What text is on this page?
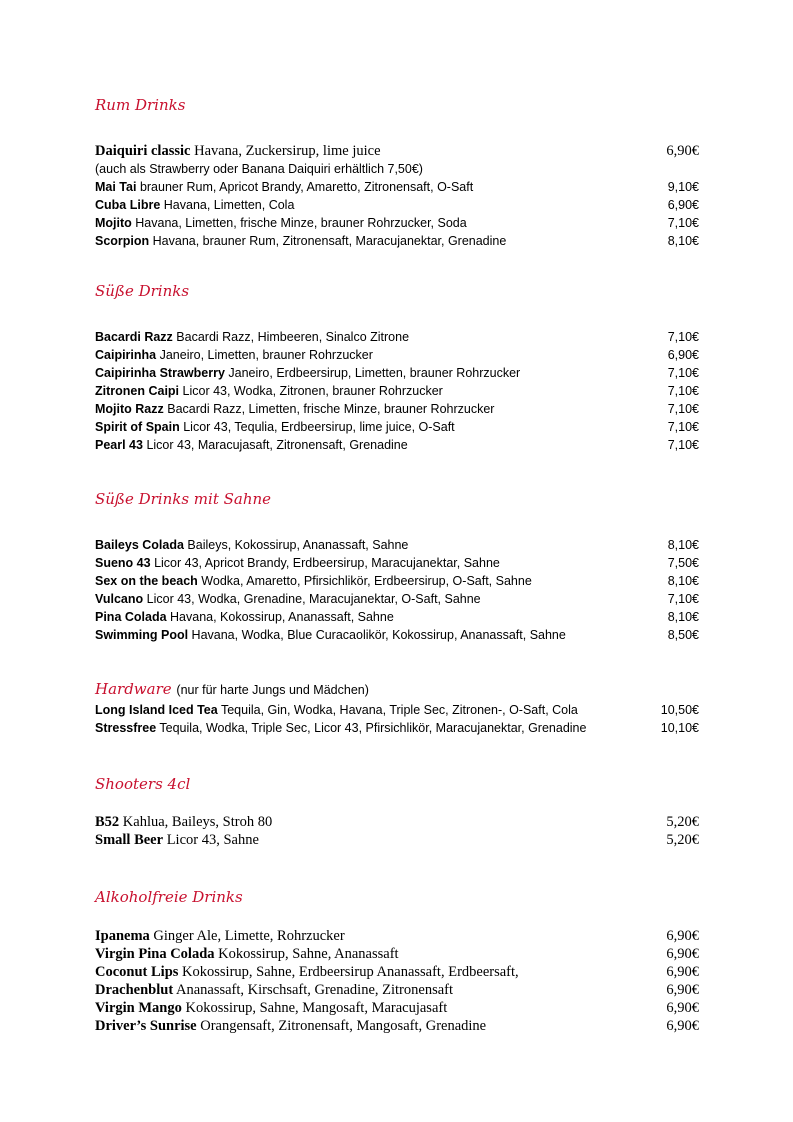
Rum Drinks
Daiquiri classic Havana, Zuckersirup, lime juice	6,90€
(auch als Strawberry oder Banana Daiquiri erhältlich 7,50€)
Mai Tai brauner Rum, Apricot Brandy, Amaretto, Zitronensaft, O-Saft	9,10€
Cuba Libre Havana, Limetten, Cola	6,90€
Mojito Havana, Limetten, frische Minze, brauner Rohrzucker, Soda	7,10€
Scorpion Havana, brauner Rum, Zitronensaft, Maracujanektar, Grenadine	8,10€
Süße Drinks
Bacardi Razz Bacardi Razz, Himbeeren, Sinalco Zitrone	7,10€
Caipirinha Janeiro, Limetten, brauner Rohrzucker	6,90€
Caipirinha Strawberry Janeiro, Erdbeersirup, Limetten, brauner Rohrzucker	7,10€
Zitronen Caipi Licor 43, Wodka, Zitronen, brauner Rohrzucker	7,10€
Mojito Razz Bacardi Razz, Limetten, frische Minze, brauner Rohrzucker	7,10€
Spirit of Spain Licor 43, Tequlia, Erdbeersirup, lime juice, O-Saft	7,10€
Pearl 43 Licor 43, Maracujasaft, Zitronensaft, Grenadine	7,10€
Süße Drinks mit Sahne
Baileys Colada Baileys, Kokossirup, Ananassaft, Sahne	8,10€
Sueno 43 Licor 43, Apricot Brandy, Erdbeersirup, Maracujanektar, Sahne	7,50€
Sex on the beach Wodka, Amaretto, Pfirsichlikör, Erdbeersirup, O-Saft, Sahne	8,10€
Vulcano Licor 43, Wodka, Grenadine, Maracujanektar, O-Saft, Sahne	7,10€
Pina Colada Havana, Kokossirup, Ananassaft, Sahne	8,10€
Swimming Pool Havana, Wodka, Blue Curacaolikör, Kokossirup, Ananassaft, Sahne	8,50€
Hardware (nur für harte Jungs und Mädchen)
Long Island Iced Tea Tequila, Gin, Wodka, Havana, Triple Sec, Zitronen-, O-Saft, Cola	10,50€
Stressfree Tequila, Wodka, Triple Sec, Licor 43, Pfirsichlikör, Maracujanektar, Grenadine	10,10€
Shooters 4cl
B52 Kahlua, Baileys, Stroh 80	5,20€
Small Beer Licor 43, Sahne	5,20€
Alkoholfreie Drinks
Ipanema Ginger Ale, Limette, Rohrzucker	6,90€
Virgin Pina Colada Kokossirup, Sahne, Ananassaft	6,90€
Coconut Lips Kokossirup, Sahne, Erdbeersirup Ananassaft, Erdbeersaft,	6,90€
Drachenblut Ananassaft, Kirschsaft, Grenadine, Zitronensaft	6,90€
Virgin Mango Kokossirup, Sahne, Mangosaft, Maracujasaft	6,90€
Driver’s Sunrise Orangensaft, Zitronensaft, Mangosaft, Grenadine	6,90€
